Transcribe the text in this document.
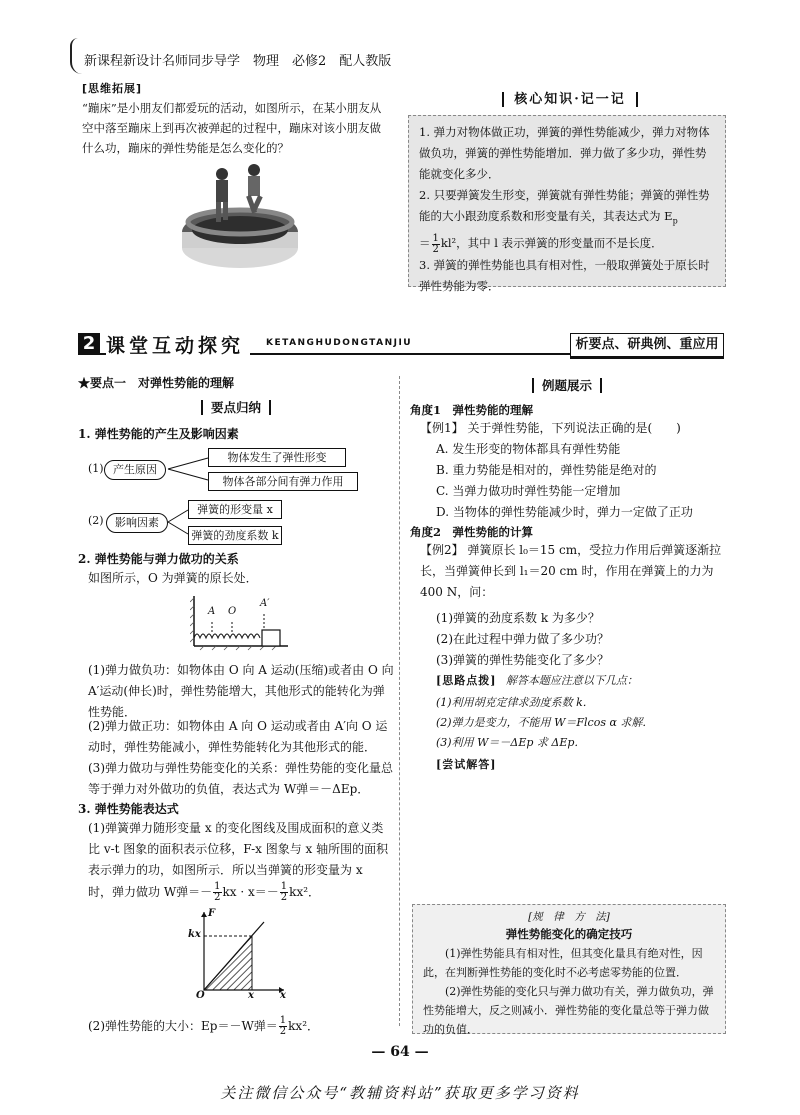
新课程新设计名师同步导学　物理　必修2　配人教版
[思维拓展]

“蹦床”是小朋友们都爱玩的活动，如图所示，在某小朋友从空中落至蹦床上到再次被弹起的过程中，蹦床对该小朋友做什么功，蹦床的弹性势能是怎么变化的？

核心知识·记一记

1. 弹力对物体做正功，弹簧的弹性势能减少，弹力对物体做负功，弹簧的弹性势能增加．弹力做了多少功，弹性势能就变化多少．

2. 只要弹簧发生形变，弹簧就有弹性势能；弹簧的弹性势能的大小跟劲度系数和形变量有关，其表达式为 $E_p$

＝ $\frac{1}{2} kl^2$，其中 l 表示弹簧的形变量而不是长度．

3. 弹簧的弹性势能也具有相对性，一般取弹簧处于原长时弹性势能为零．

2 课堂互动探究	KETANGHUDONGTANJIU	析要点、研典例、重应用
★要点一　对弹性势能的理解
要点归纳
1. 弹性势能的产生及影响因素
(1) 产生原因
物体发生了弹性形变
物体各部分间有弹力作用
(2)	影响因素
弹簧的形变量 x
弹簧的劲度系数 k
2. 弹性势能与弹力做功的关系

如图所示，O 为弹簧的原长处．

A O
A′

(1)弹力做负功：如物体由 O 向 A 运动(压缩)或者由 O 向 A′运动(伸长)时，弹性势能增大，其他形式的能转化为弹性势能．

(2)弹力做正功：如物体由 A 向 O 运动或者由 A′向 O 运动时，弹性势能减小，弹性势能转化为其他形式的能．

(3)弹力做功与弹性势能变化的关系：弹性势能的变化量总等于弹力对外做功的负值，表达式为 W弹＝－ΔEp．

3. 弹性势能表达式

(1)弹簧弹力随形变量 x 的变化图线及围成面积的意义类比 v-t 图象的面积表示位移，F-x 图象与 x 轴所围的面积表示弹力的功，如图所示．所以当弹簧的形变量为 x

时，弹力做功 W弹＝－ $\frac{1}{2}$ kx · $x=- \frac{1}{2} kx^2$．

F
kx
O	x	x

(2)弹性势能的大小：Ep＝－W弹＝ $\frac{1}{2} kx^2$．

例题展示
角度1　弹性势能的理解

【例1】 关于弹性势能，下列说法正确的是(　　)

A. 发生形变的物体都具有弹性势能

B. 重力势能是相对的，弹性势能是绝对的

C. 当弹力做功时弹性势能一定增加

D. 当物体的弹性势能减少时，弹力一定做了正功

角度2　弹性势能的计算

【例2】 弹簧原长 l₀＝15 cm，受拉力作用后弹簧逐渐拉长，当弹簧伸长到 l₁＝20 cm 时，作用在弹簧上的力为 400 N，问：

(1)弹簧的劲度系数 k 为多少？

(2)在此过程中弹力做了多少功？

(3)弹簧的弹性势能变化了多少？

[思路点拨] 解答本题应注意以下几点：

(1)利用胡克定律求劲度系数 k．

(2)弹力是变力，不能用 W＝Flcos α 求解．

(3)利用 W＝－ΔEp 求 ΔEp．

[尝试解答]
[规　律　方　法]
弹性势能变化的确定技巧

(1)弹性势能具有相对性，但其变化量具有绝对性，因此，在判断弹性势能的变化时不必考虑零势能的位置．

(2)弹性势能的变化只与弹力做功有关，弹力做负功，弹性势能增大，反之则减小．弹性势能的变化量总等于弹力做功的负值．

— 64 —
关注微信公众号“教辅资料站”获取更多学习资料
